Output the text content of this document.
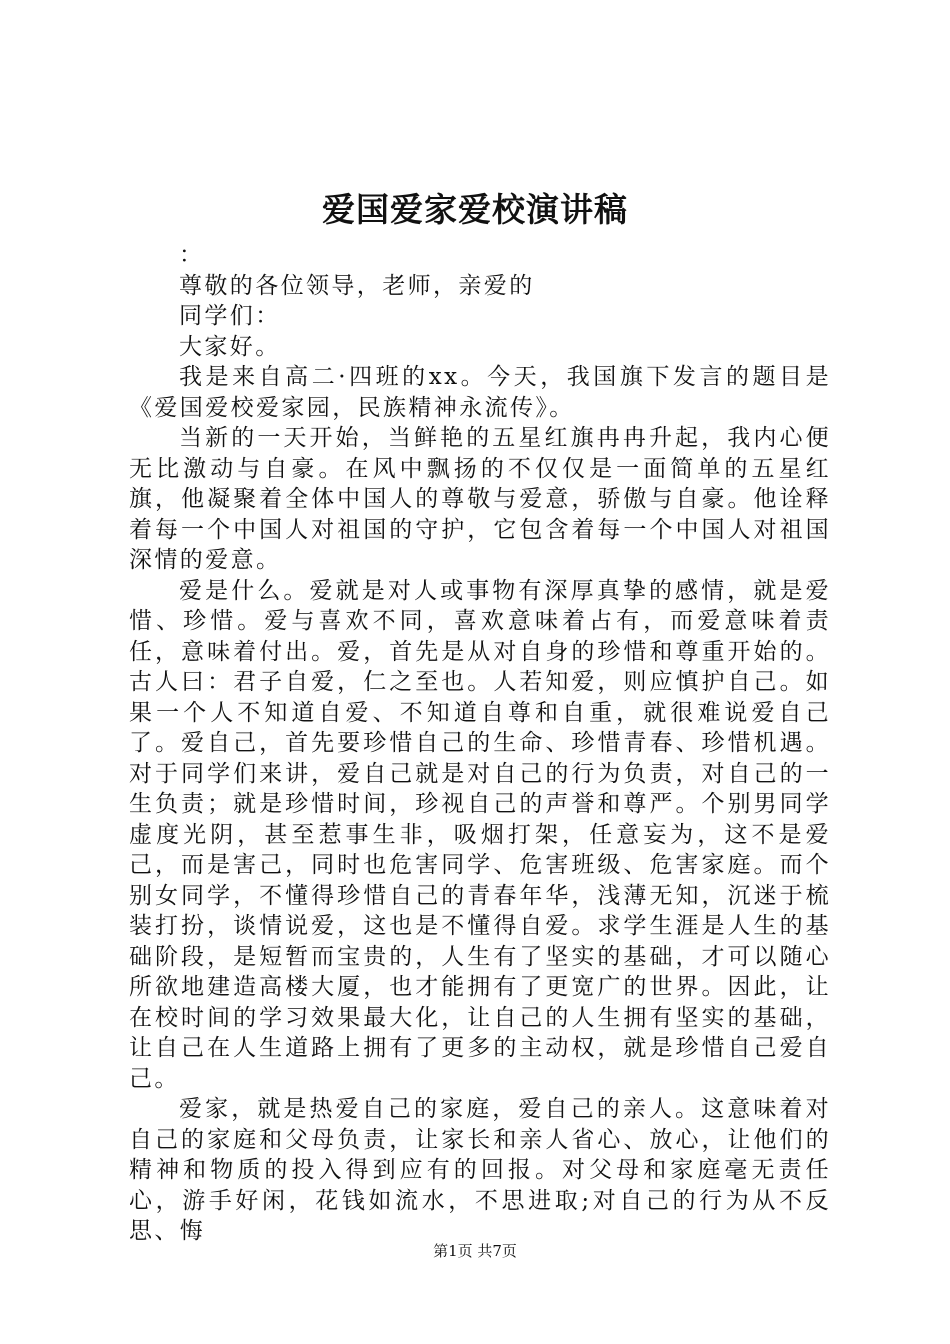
爱国爱家爱校演讲稿

：

尊敬的各位领导，老师，亲爱的

同学们：

大家好。

我是来自高二·四班的xx。今天，我国旗下发言的题目是《爱国爱校爱家园，民族精神永流传》。

当新的一天开始，当鲜艳的五星红旗冉冉升起，我内心便无比激动与自豪。在风中飘扬的不仅仅是一面简单的五星红旗，他凝聚着全体中国人的尊敬与爱意，骄傲与自豪。他诠释着每一个中国人对祖国的守护，它包含着每一个中国人对祖国深情的爱意。

爱是什么。爱就是对人或事物有深厚真挚的感情，就是爱惜、珍惜。爱与喜欢不同，喜欢意味着占有，而爱意味着责任，意味着付出。爱，首先是从对自身的珍惜和尊重开始的。古人曰：君子自爱，仁之至也。人若知爱，则应慎护自己。如果一个人不知道自爱、不知道自尊和自重，就很难说爱自己了。爱自己，首先要珍惜自己的生命、珍惜青春、珍惜机遇。对于同学们来讲，爱自己就是对自己的行为负责，对自己的一生负责；就是珍惜时间，珍视自己的声誉和尊严。个别男同学虚度光阴，甚至惹事生非，吸烟打架，任意妄为，这不是爱己，而是害己，同时也危害同学、危害班级、危害家庭。而个别女同学，不懂得珍惜自己的青春年华，浅薄无知，沉迷于梳装打扮，谈情说爱，这也是不懂得自爱。求学生涯是人生的基础阶段，是短暂而宝贵的，人生有了坚实的基础，才可以随心所欲地建造高楼大厦，也才能拥有了更宽广的世界。因此，让在校时间的学习效果最大化，让自己的人生拥有坚实的基础，让自己在人生道路上拥有了更多的主动权，就是珍惜自己爱自己。

爱家，就是热爱自己的家庭，爱自己的亲人。这意味着对自己的家庭和父母负责，让家长和亲人省心、放心，让他们的精神和物质的投入得到应有的回报。对父母和家庭毫无责任心，游手好闲，花钱如流水，不思进取;对自己的行为从不反思、悔

第1页 共7页
